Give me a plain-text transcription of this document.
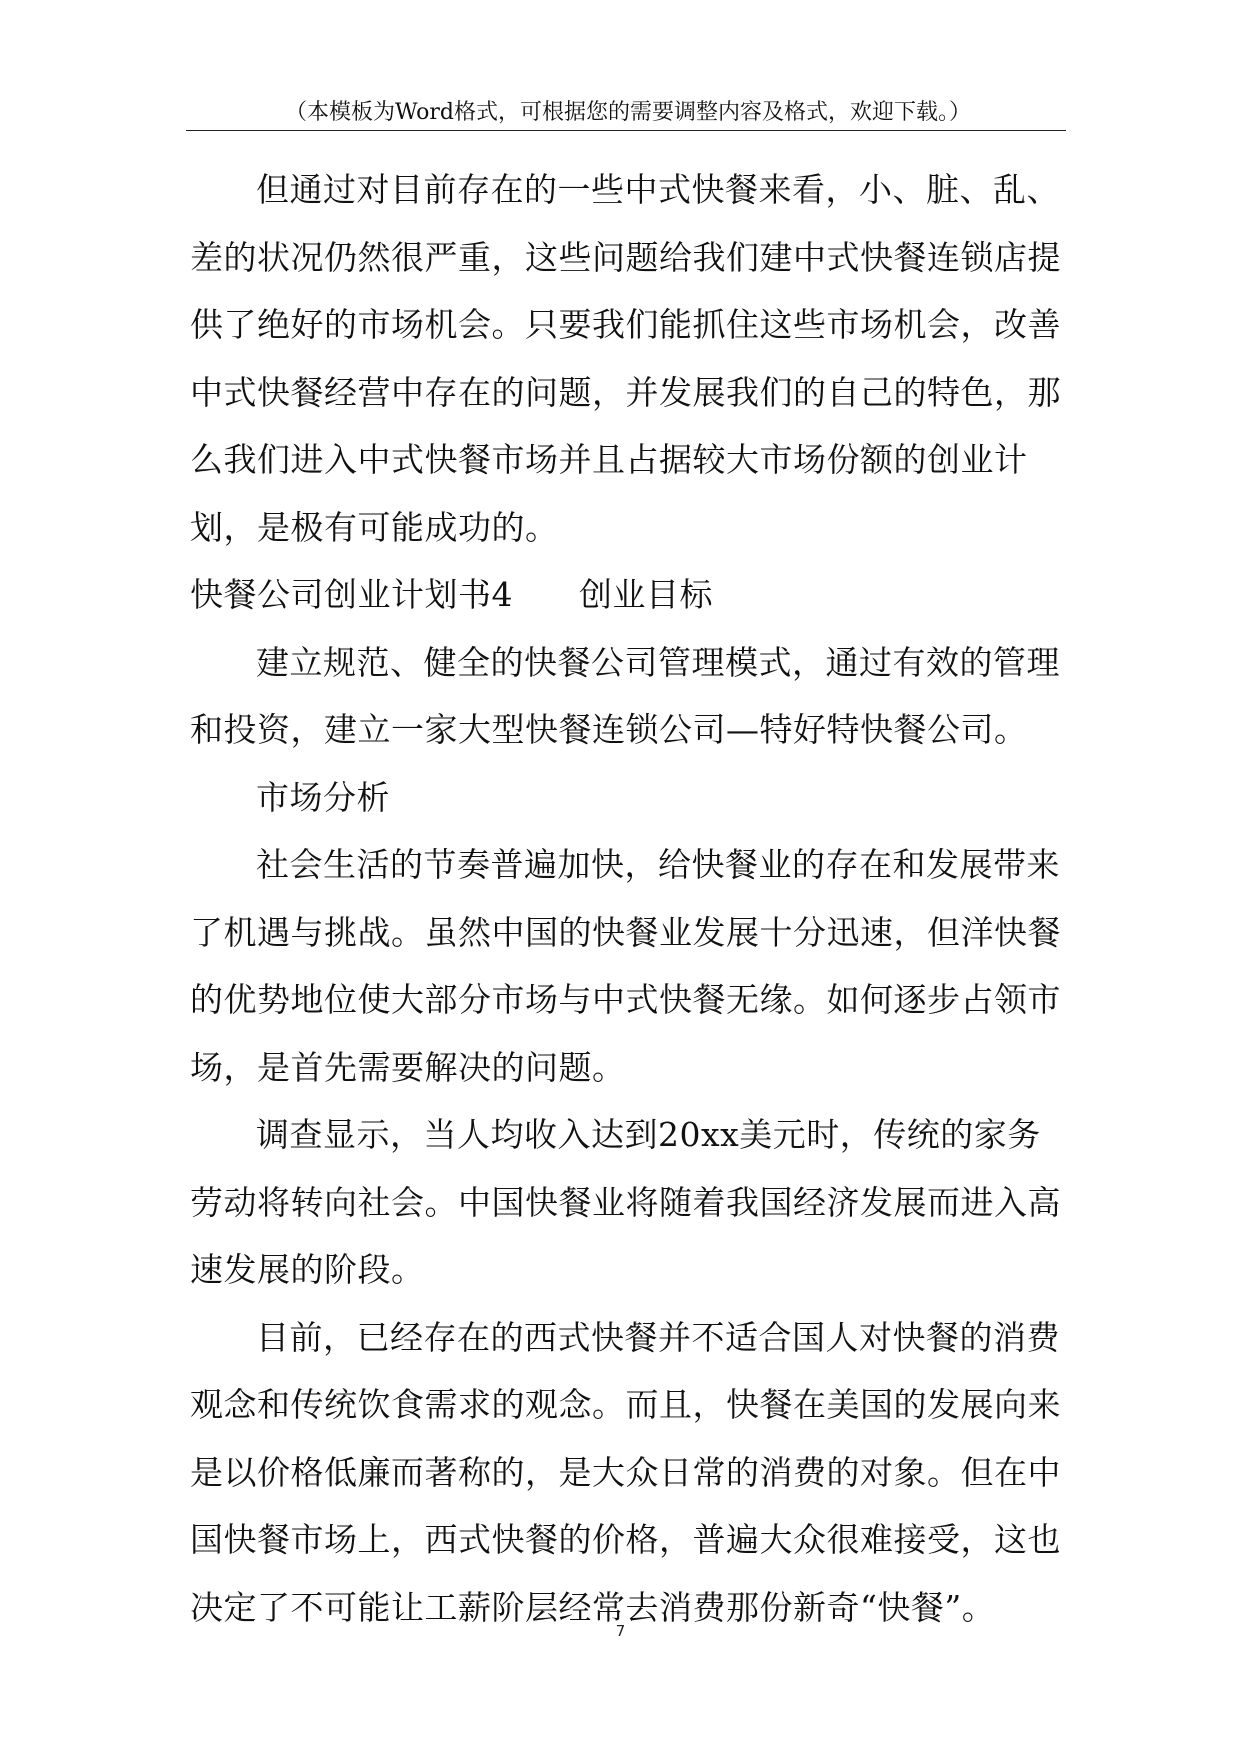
（本模板为Word格式，可根据您的需要调整内容及格式，欢迎下载。）
但通过对目前存在的一些中式快餐来看，小、脏、乱、
差的状况仍然很严重，这些问题给我们建中式快餐连锁店提
供了绝好的市场机会。只要我们能抓住这些市场机会，改善
中式快餐经营中存在的问题，并发展我们的自己的特色，那
么我们进入中式快餐市场并且占据较大市场份额的创业计
划，是极有可能成功的。
快餐公司创业计划书4 创业目标
建立规范、健全的快餐公司管理模式，通过有效的管理
和投资，建立一家大型快餐连锁公司—特好特快餐公司。
市场分析
社会生活的节奏普遍加快，给快餐业的存在和发展带来
了机遇与挑战。虽然中国的快餐业发展十分迅速，但洋快餐
的优势地位使大部分市场与中式快餐无缘。如何逐步占领市
场，是首先需要解决的问题。
调查显示，当人均收入达到20xx美元时，传统的家务
劳动将转向社会。中国快餐业将随着我国经济发展而进入高
速发展的阶段。
目前，已经存在的西式快餐并不适合国人对快餐的消费
观念和传统饮食需求的观念。而且，快餐在美国的发展向来
是以价格低廉而著称的，是大众日常的消费的对象。但在中
国快餐市场上，西式快餐的价格，普遍大众很难接受，这也
决定了不可能让工薪阶层经常去消费那份新奇“快餐”。
7
